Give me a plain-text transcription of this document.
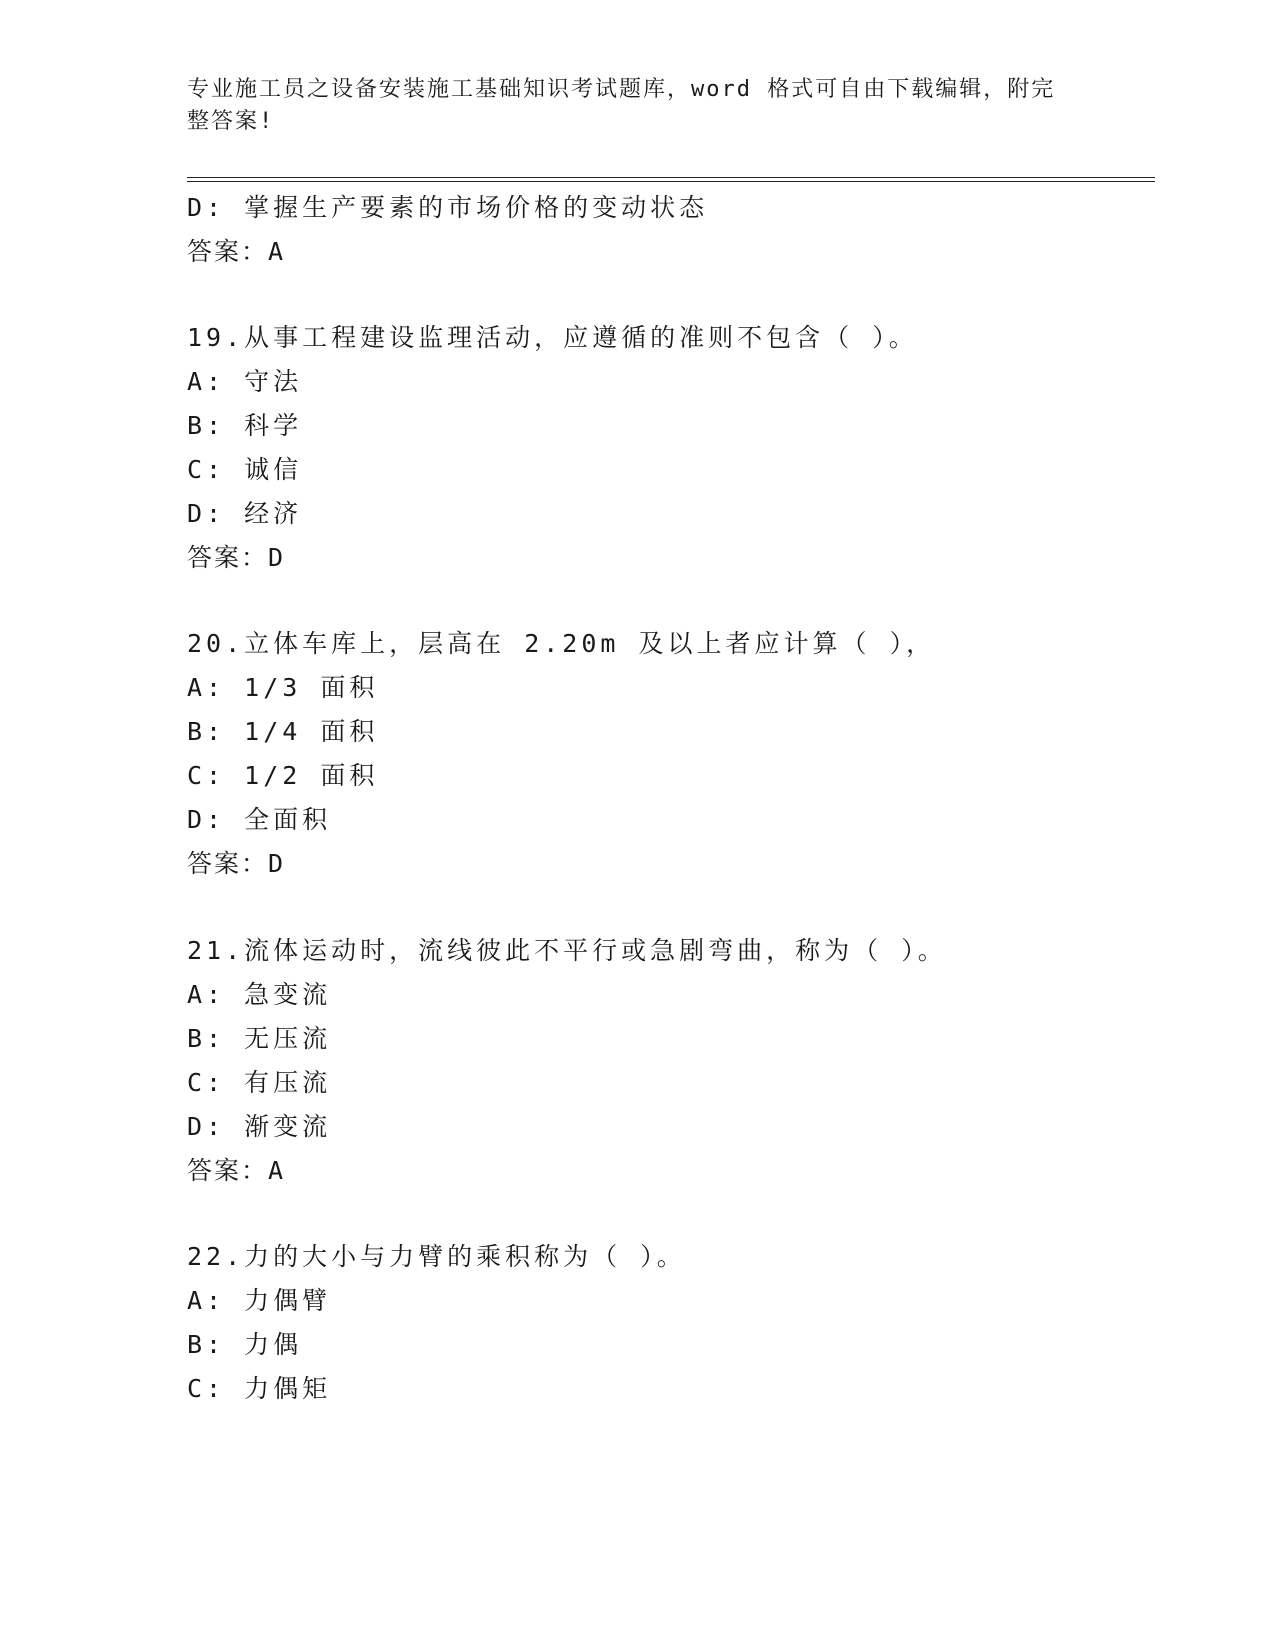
专业施工员之设备安装施工基础知识考试题库，word 格式可自由下载编辑，附完
整答案!
D: 掌握生产要素的市场价格的变动状态
答案：A
19.从事工程建设监理活动，应遵循的准则不包含（ ）。
A: 守法
B: 科学
C: 诚信
D: 经济
答案：D
20.立体车库上，层高在 2.20m 及以上者应计算（ ），
A: 1/3 面积
B: 1/4 面积
C: 1/2 面积
D: 全面积
答案：D
21.流体运动时，流线彼此不平行或急剧弯曲，称为（ ）。
A: 急变流
B: 无压流
C: 有压流
D: 渐变流
答案：A
22.力的大小与力臂的乘积称为（ ）。
A: 力偶臂
B: 力偶
C: 力偶矩
